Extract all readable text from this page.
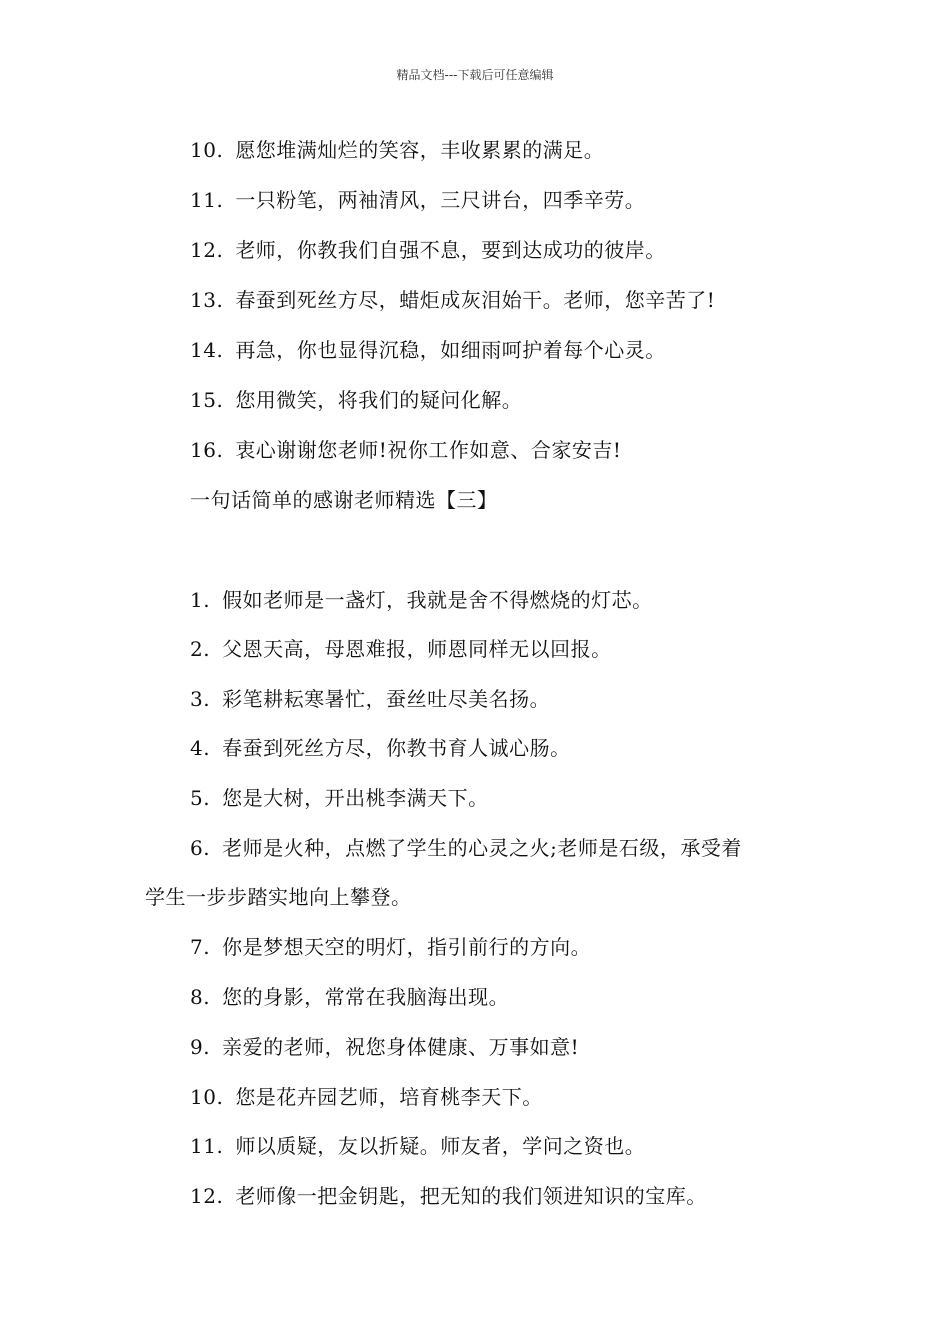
精品文档---下载后可任意编辑
10. 愿您堆满灿烂的笑容，丰收累累的满足。
11. 一只粉笔，两袖清风，三尺讲台，四季辛劳。
12. 老师，你教我们自强不息，要到达成功的彼岸。
13. 春蚕到死丝方尽，蜡炬成灰泪始干。老师，您辛苦了!
14. 再急，你也显得沉稳，如细雨呵护着每个心灵。
15. 您用微笑，将我们的疑问化解。
16. 衷心谢谢您老师!祝你工作如意、合家安吉!
一句话简单的感谢老师精选【三】
1. 假如老师是一盏灯，我就是舍不得燃烧的灯芯。
2. 父恩天高，母恩难报，师恩同样无以回报。
3. 彩笔耕耘寒暑忙，蚕丝吐尽美名扬。
4. 春蚕到死丝方尽，你教书育人诚心肠。
5. 您是大树，开出桃李满天下。
6. 老师是火种，点燃了学生的心灵之火;老师是石级，承受着
学生一步步踏实地向上攀登。
7. 你是梦想天空的明灯，指引前行的方向。
8. 您的身影，常常在我脑海出现。
9. 亲爱的老师，祝您身体健康、万事如意!
10. 您是花卉园艺师，培育桃李天下。
11. 师以质疑，友以折疑。师友者，学问之资也。
12. 老师像一把金钥匙，把无知的我们领进知识的宝库。
